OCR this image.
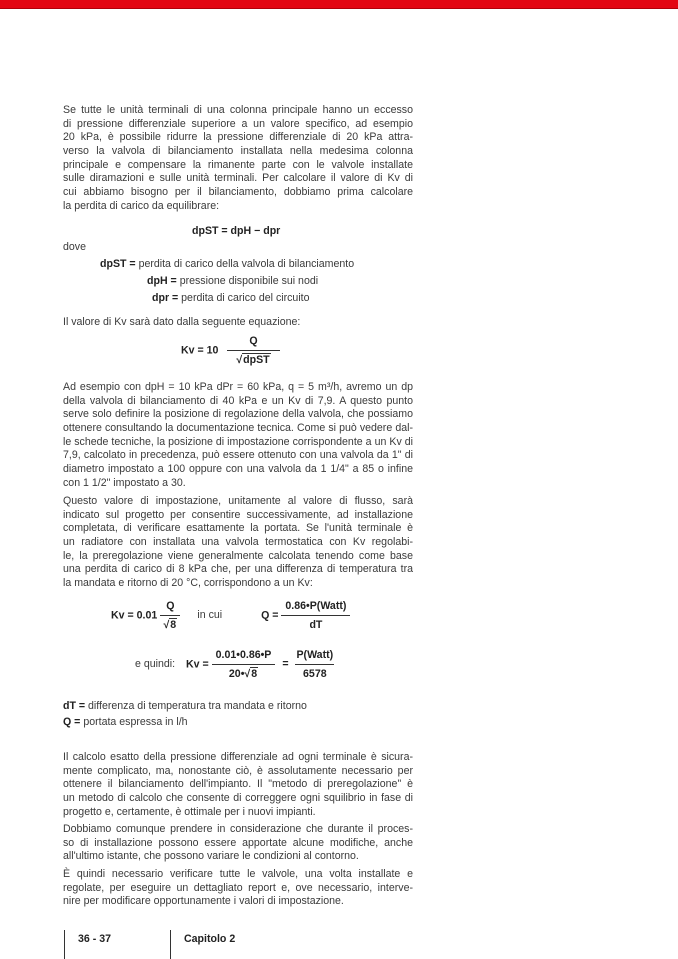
Se tutte le unità terminali di una colonna principale hanno un eccesso
di pressione differenziale superiore a un valore specifico, ad esempio
20 kPa, è possibile ridurre la pressione differenziale di 20 kPa attra-
verso la valvola di bilanciamento installata nella medesima colonna
principale e compensare la rimanente parte con le valvole installate
sulle diramazioni e sulle unità terminali. Per calcolare il valore di Kv di
cui abbiamo bisogno per il bilanciamento, dobbiamo prima calcolare
la perdita di carico da equilibrare:
dpST = dpH − dpr
dove
dpST = perdita di carico della valvola di bilanciamento
dpH = pressione disponibile sui nodi
dpr = perdita di carico del circuito
Il valore di Kv sarà dato dalla seguente equazione:
$Kv = 10 \frac{Q}{\text{√dpST}}$
Ad esempio con dpH = 10 kPa dPr = 60 kPa, q = 5 m³/h, avremo un dp
della valvola di bilanciamento di 40 kPa e un Kv di 7,9. A questo punto
serve solo definire la posizione di regolazione della valvola, che possiamo
ottenere consultando la documentazione tecnica. Come si può vedere dal-
le schede tecniche, la posizione di impostazione corrispondente a un Kv di
7,9, calcolato in precedenza, può essere ottenuto con una valvola da 1" di
diametro impostato a 100 oppure con una valvola da 1 1/4" a 85 o infine
con 1 1/2" impostato a 30.
Questo valore di impostazione, unitamente al valore di flusso, sarà
indicato sul progetto per consentire successivamente, ad installazione
completata, di verificare esattamente la portata. Se l'unità terminale è
un radiatore con installata una valvola termostatica con Kv regolabi-
le, la preregolazione viene generalmente calcolata tenendo come base
una perdita di carico di 8 kPa che, per una differenza di temperatura tra
la mandata e ritorno di 20 °C, corrispondono a un Kv:
$Kv = 0.01 \frac{Q}{√8}$ in cui	$Q = \frac{\text{0.86•P(Watt)}}{dT}$
e quindi: $Kv = \frac{0.01•0.86•P}{20•√8} = \frac{\text{P(Watt)}}{6578}$
dT = differenza di temperatura tra mandata e ritorno
Q = portata espressa in l/h
Il calcolo esatto della pressione differenziale ad ogni terminale è sicura-
mente complicato, ma, nonostante ciò, è assolutamente necessario per
ottenere il bilanciamento dell'impianto. Il "metodo di preregolazione" è
un metodo di calcolo che consente di correggere ogni squilibrio in fase di
progetto e, certamente, è ottimale per i nuovi impianti.
Dobbiamo comunque prendere in considerazione che durante il proces-
so di installazione possono essere apportate alcune modifiche, anche
all'ultimo istante, che possono variare le condizioni al contorno.
È quindi necessario verificare tutte le valvole, una volta installate e
regolate, per eseguire un dettagliato report e, ove necessario, interve-
nire per modificare opportunamente i valori di impostazione.
36 - 37	Capitolo 2
